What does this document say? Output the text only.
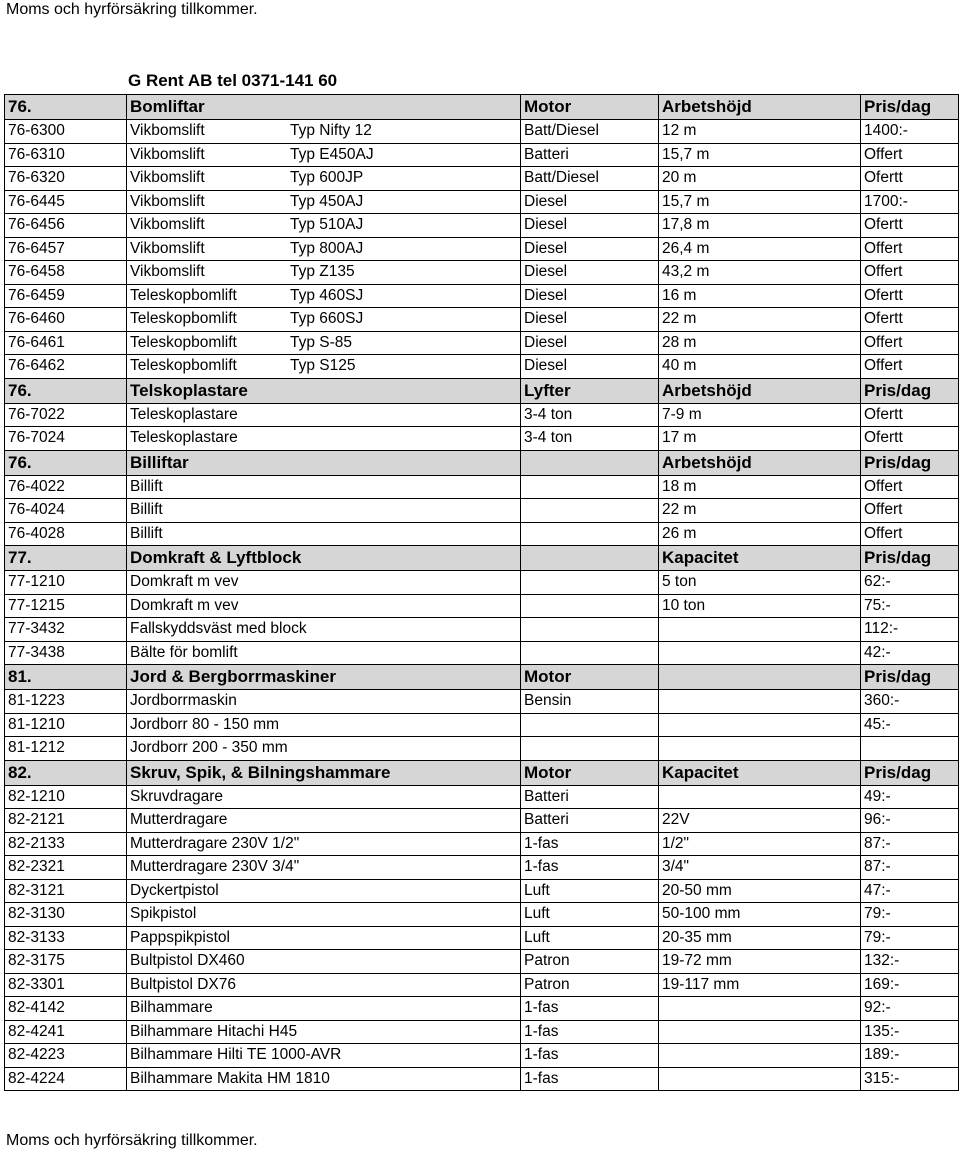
Moms och hyrförsäkring tillkommer.
G Rent AB tel 0371-141 60
76.	Bomliftar	Motor	Arbetshöjd	Pris/dag
76-6300	Vikbomslift Typ Nifty 12	Batt/Diesel	12 m	1400:-
76-6310	Vikbomslift Typ E450AJ	Batteri	15,7 m	Offert
76-6320	Vikbomslift Typ 600JP	Batt/Diesel	20 m	Ofertt
76-6445	Vikbomslift Typ 450AJ	Diesel	15,7 m	1700:-
76-6456	Vikbomslift Typ 510AJ	Diesel	17,8 m	Ofertt
76-6457	Vikbomslift Typ 800AJ	Diesel	26,4 m	Offert
76-6458	Vikbomslift Typ Z135	Diesel	43,2 m	Offert
76-6459	Teleskopbomlift Typ 460SJ	Diesel	16 m	Ofertt
76-6460	Teleskopbomlift Typ 660SJ	Diesel	22 m	Ofertt
76-6461	Teleskopbomlift Typ S-85	Diesel	28 m	Offert
76-6462	Teleskopbomlift Typ S125	Diesel	40 m	Offert
76.	Telskoplastare	Lyfter	Arbetshöjd	Pris/dag
76-7022	Teleskoplastare	3-4 ton	7-9 m	Ofertt
76-7024	Teleskoplastare	3-4 ton	17 m	Ofertt
76.	Billiftar		Arbetshöjd	Pris/dag
76-4022	Billift		18 m	Offert
76-4024	Billift		22 m	Offert
76-4028	Billift		26 m	Offert
77.	Domkraft & Lyftblock		Kapacitet	Pris/dag
77-1210	Domkraft m vev		5 ton	62:-
77-1215	Domkraft m vev		10 ton	75:-
77-3432	Fallskyddsväst med block			112:-
77-3438	Bälte för bomlift			42:-
81.	Jord & Bergborrmaskiner	Motor		Pris/dag
81-1223	Jordborrmaskin	Bensin		360:-
81-1210	Jordborr 80 - 150 mm			45:-
81-1212	Jordborr 200 - 350 mm			
82.	Skruv, Spik, & Bilningshammare	Motor	Kapacitet	Pris/dag
82-1210	Skruvdragare	Batteri		49:-
82-2121	Mutterdragare	Batteri	22V	96:-
82-2133	Mutterdragare 230V 1/2"	1-fas	1/2"	87:-
82-2321	Mutterdragare 230V 3/4"	1-fas	3/4"	87:-
82-3121	Dyckertpistol	Luft	20-50 mm	47:-
82-3130	Spikpistol	Luft	50-100 mm	79:-
82-3133	Pappspikpistol	Luft	20-35 mm	79:-
82-3175	Bultpistol DX460	Patron	19-72 mm	132:-
82-3301	Bultpistol DX76	Patron	19-117 mm	169:-
82-4142	Bilhammare	1-fas		92:-
82-4241	Bilhammare Hitachi H45	1-fas		135:-
82-4223	Bilhammare Hilti TE 1000-AVR	1-fas		189:-
82-4224	Bilhammare Makita HM 1810	1-fas		315:-
Moms och hyrförsäkring tillkommer.
